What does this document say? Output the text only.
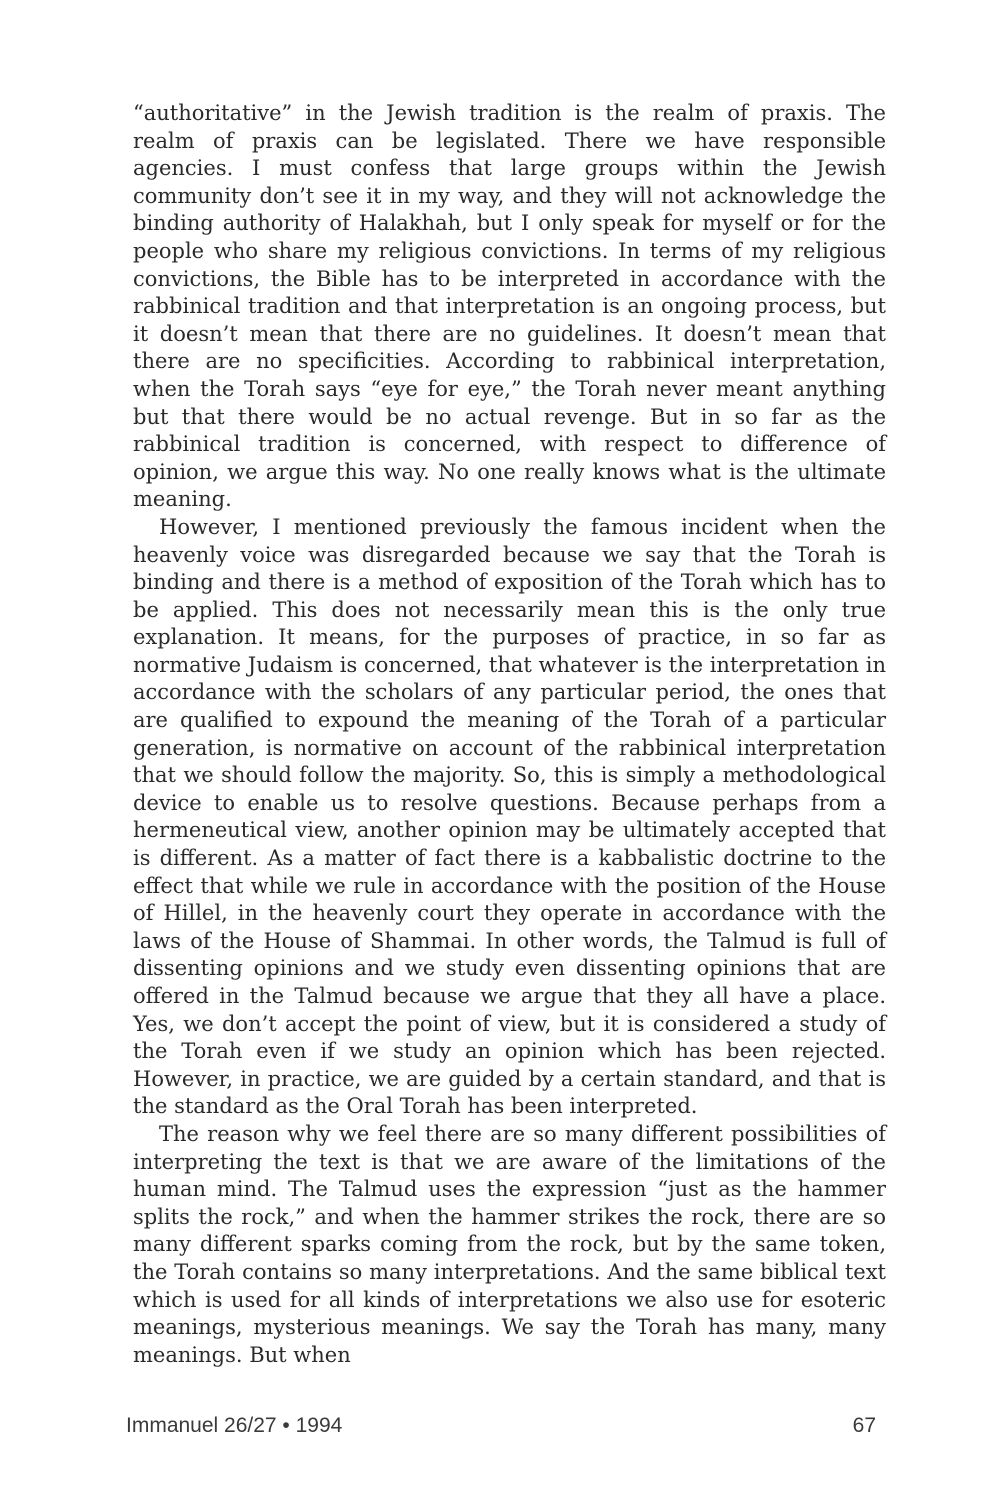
“authoritative” in the Jewish tradition is the realm of praxis. The realm of praxis can be legislated. There we have responsible agencies. I must confess that large groups within the Jewish community don’t see it in my way, and they will not acknowledge the binding authority of Halakhah, but I only speak for myself or for the people who share my religious convictions. In terms of my religious convictions, the Bible has to be interpreted in accordance with the rabbinical tradition and that interpretation is an ongoing process, but it doesn’t mean that there are no guidelines. It doesn’t mean that there are no specificities. According to rabbinical interpretation, when the Torah says “eye for eye,” the Torah never meant anything but that there would be no actual revenge. But in so far as the rabbinical tradition is concerned, with respect to difference of opinion, we argue this way. No one really knows what is the ultimate meaning.

However, I mentioned previously the famous incident when the heavenly voice was disregarded because we say that the Torah is binding and there is a method of exposition of the Torah which has to be applied. This does not necessarily mean this is the only true explanation. It means, for the purposes of practice, in so far as normative Judaism is concerned, that whatever is the interpretation in accordance with the scholars of any particular period, the ones that are qualified to expound the meaning of the Torah of a particular generation, is normative on account of the rabbinical interpretation that we should follow the majority. So, this is simply a methodological device to enable us to resolve questions. Because perhaps from a hermeneutical view, another opinion may be ultimately accepted that is different. As a matter of fact there is a kabbalistic doctrine to the effect that while we rule in accordance with the position of the House of Hillel, in the heavenly court they operate in accordance with the laws of the House of Shammai. In other words, the Talmud is full of dissenting opinions and we study even dissenting opinions that are offered in the Talmud because we argue that they all have a place. Yes, we don’t accept the point of view, but it is considered a study of the Torah even if we study an opinion which has been rejected. However, in practice, we are guided by a certain standard, and that is the standard as the Oral Torah has been interpreted.

The reason why we feel there are so many different possibilities of interpreting the text is that we are aware of the limitations of the human mind. The Talmud uses the expression “just as the hammer splits the rock,” and when the hammer strikes the rock, there are so many different sparks coming from the rock, but by the same token, the Torah contains so many interpretations. And the same biblical text which is used for all kinds of interpretations we also use for esoteric meanings, mysterious meanings. We say the Torah has many, many meanings. But when

Immanuel 26/27 • 1994	67
